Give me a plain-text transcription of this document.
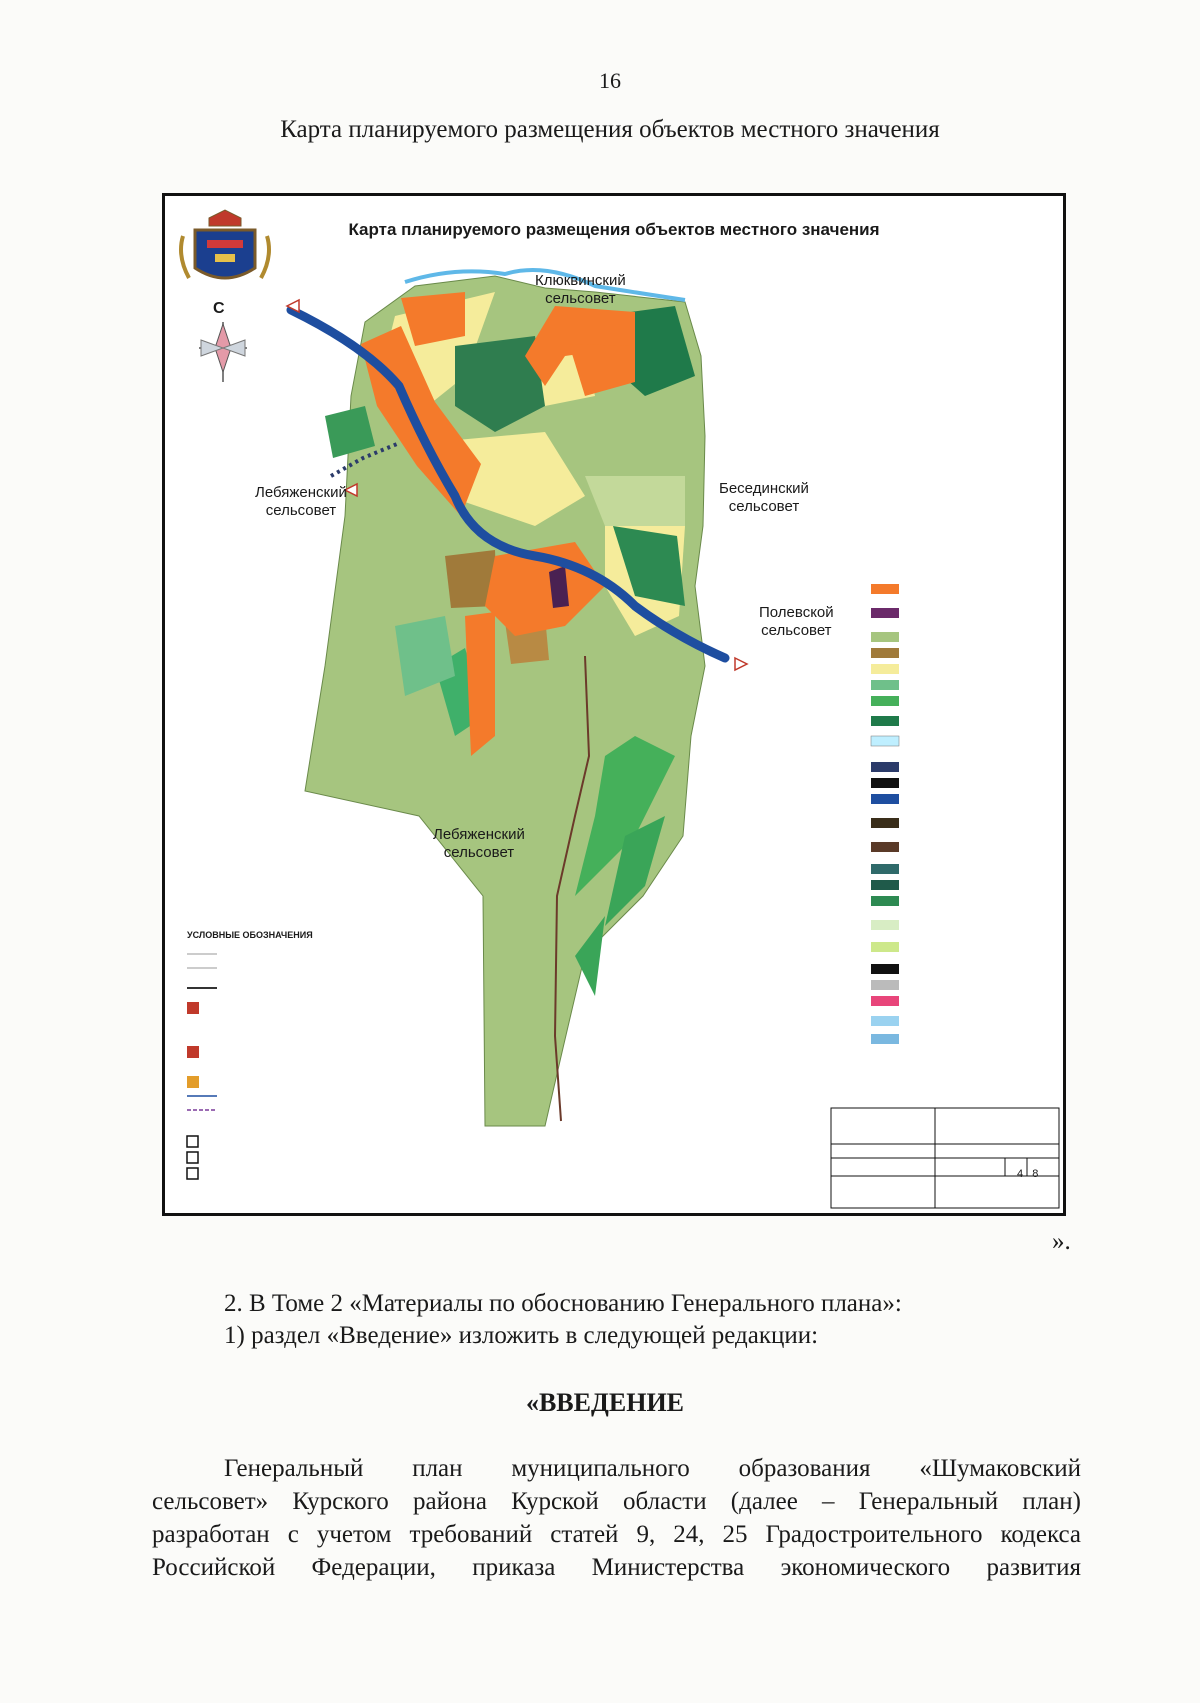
16
Карта планируемого размещения объектов местного значения
Карта планируемого размещения объектов местного значения
С
Клюквинский
сельсовет
Лебяженский
сельсовет
Бесединский
сельсовет
Полевской
сельсовет
Лебяженский
сельсовет
УСЛОВНЫЕ ОБОЗНАЧЕНИЯ
4 8
».
2. В Томе 2 «Материалы по обоснованию Генерального плана»:
1) раздел «Введение» изложить в следующей редакции:
«ВВЕДЕНИЕ
Генеральный план муниципального образования «Шумаковский
сельсовет» Курского района Курской области (далее – Генеральный план)
разработан с учетом требований статей 9, 24, 25 Градостроительного кодекса
Российской Федерации, приказа Министерства экономического развития
